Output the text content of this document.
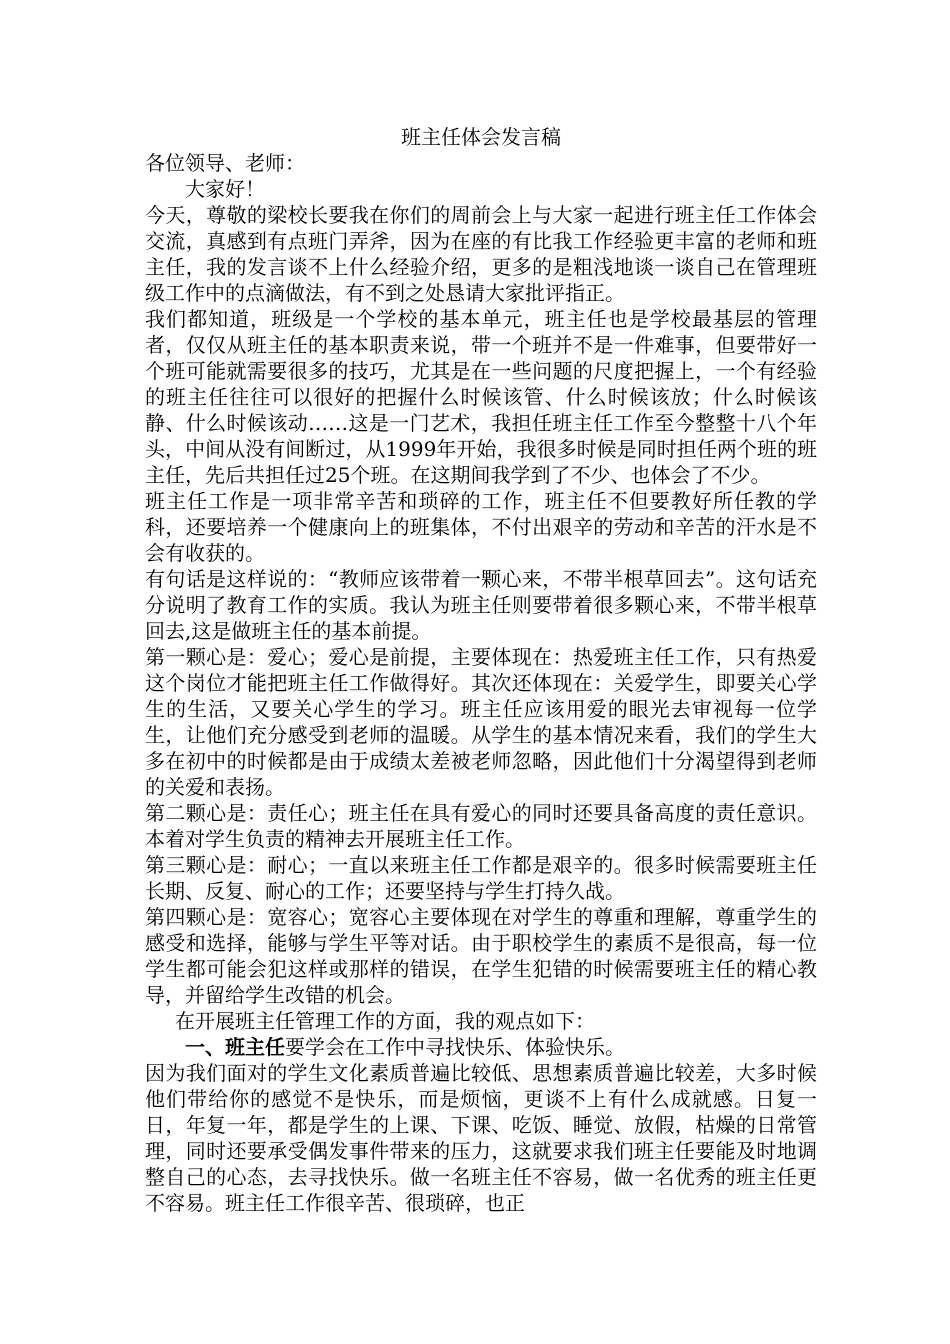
班主任体会发言稿

各位领导、老师：

大家好！

今天，尊敬的梁校长要我在你们的周前会上与大家一起进行班主任工作体会交流，真感到有点班门弄斧，因为在座的有比我工作经验更丰富的老师和班主任，我的发言谈不上什么经验介绍，更多的是粗浅地谈一谈自己在管理班级工作中的点滴做法，有不到之处恳请大家批评指正。

我们都知道，班级是一个学校的基本单元，班主任也是学校最基层的管理者，仅仅从班主任的基本职责来说，带一个班并不是一件难事，但要带好一个班可能就需要很多的技巧，尤其是在一些问题的尺度把握上，一个有经验的班主任往往可以很好的把握什么时候该管、什么时候该放；什么时候该静、什么时候该动……这是一门艺术，我担任班主任工作至今整整十八个年头，中间从没有间断过，从1999年开始，我很多时候是同时担任两个班的班主任，先后共担任过25个班。在这期间我学到了不少、也体会了不少。

班主任工作是一项非常辛苦和琐碎的工作，班主任不但要教好所任教的学科，还要培养一个健康向上的班集体，不付出艰辛的劳动和辛苦的汗水是不会有收获的。

有句话是这样说的：“教师应该带着一颗心来，不带半根草回去”。这句话充分说明了教育工作的实质。我认为班主任则要带着很多颗心来，不带半根草回去,这是做班主任的基本前提。

第一颗心是：爱心；爱心是前提，主要体现在：热爱班主任工作，只有热爱这个岗位才能把班主任工作做得好。其次还体现在：关爱学生，即要关心学生的生活，又要关心学生的学习。班主任应该用爱的眼光去审视每一位学生，让他们充分感受到老师的温暖。从学生的基本情况来看，我们的学生大多在初中的时候都是由于成绩太差被老师忽略，因此他们十分渴望得到老师的关爱和表扬。

第二颗心是：责任心；班主任在具有爱心的同时还要具备高度的责任意识。本着对学生负责的精神去开展班主任工作。

第三颗心是：耐心；一直以来班主任工作都是艰辛的。很多时候需要班主任长期、反复、耐心的工作；还要坚持与学生打持久战。

第四颗心是：宽容心；宽容心主要体现在对学生的尊重和理解，尊重学生的感受和选择，能够与学生平等对话。由于职校学生的素质不是很高，每一位学生都可能会犯这样或那样的错误，在学生犯错的时候需要班主任的精心教导，并留给学生改错的机会。

在开展班主任管理工作的方面，我的观点如下：

一、班主任要学会在工作中寻找快乐、体验快乐。

因为我们面对的学生文化素质普遍比较低、思想素质普遍比较差，大多时候他们带给你的感觉不是快乐，而是烦恼，更谈不上有什么成就感。日复一日，年复一年，都是学生的上课、下课、吃饭、睡觉、放假，枯燥的日常管理，同时还要承受偶发事件带来的压力，这就要求我们班主任要能及时地调整自己的心态，去寻找快乐。做一名班主任不容易，做一名优秀的班主任更不容易。班主任工作很辛苦、很琐碎，也正
